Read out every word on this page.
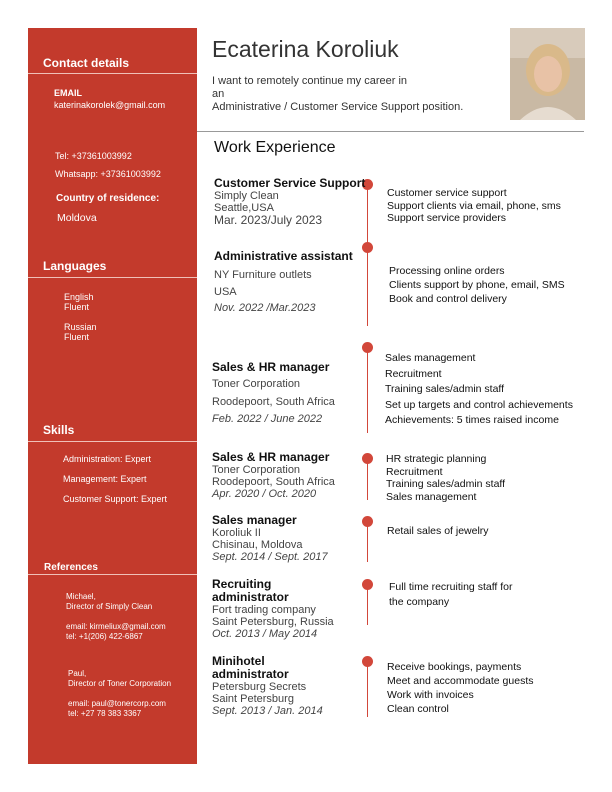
Contact details
EMAIL
katerinakorolek@gmail.com
Tel: +37361003992
Whatsapp: +37361003992
Country of residence:
Moldova
Languages
English
Fluent
Russian
Fluent
Skills
Administration: Expert
Management: Expert
Customer Support: Expert
References
Michael,
Director of Simply Clean
email: kirmeliux@gmail.com
tel: +1(206) 422-6867
Paul,
Director of Toner Corporation
email: paul@tonercorp.com
tel: +27 78 383 3367
Ecaterina Koroliuk
I want to remotely continue my career in
an
Administrative / Customer Service Support position.
Work Experience
Customer Service Support
Simply Clean
Seattle,USA
Mar. 2023/July 2023
Customer service support
Support clients via email, phone, sms
Support service providers
Administrative assistant
NY Furniture outlets
USA
Nov. 2022 /Mar.2023
Processing online orders
Clients support by phone, email, SMS
Book and control delivery
Sales & HR manager
Toner Corporation
Roodepoort, South Africa
Feb. 2022 / June 2022
Sales management
Recruitment
Training sales/admin staff
Set up targets and control achievements
Achievements: 5 times raised income
Sales & HR manager
Toner Corporation
Roodepoort, South Africa
Apr. 2020 / Oct. 2020
HR strategic planning
Recruitment
Training sales/admin staff
Sales management
Sales manager
Koroliuk II
Chisinau, Moldova
Sept. 2014 / Sept. 2017
Retail sales of jewelry
Recruiting
administrator
Fort trading company
Saint Petersburg, Russia
Oct. 2013 / May 2014
Full time recruiting staff for
the company
Minihotel
administrator
Petersburg Secrets
Saint Petersburg
Sept. 2013 / Jan. 2014
Receive bookings, payments
Meet and accommodate guests
Work with invoices
Clean control
